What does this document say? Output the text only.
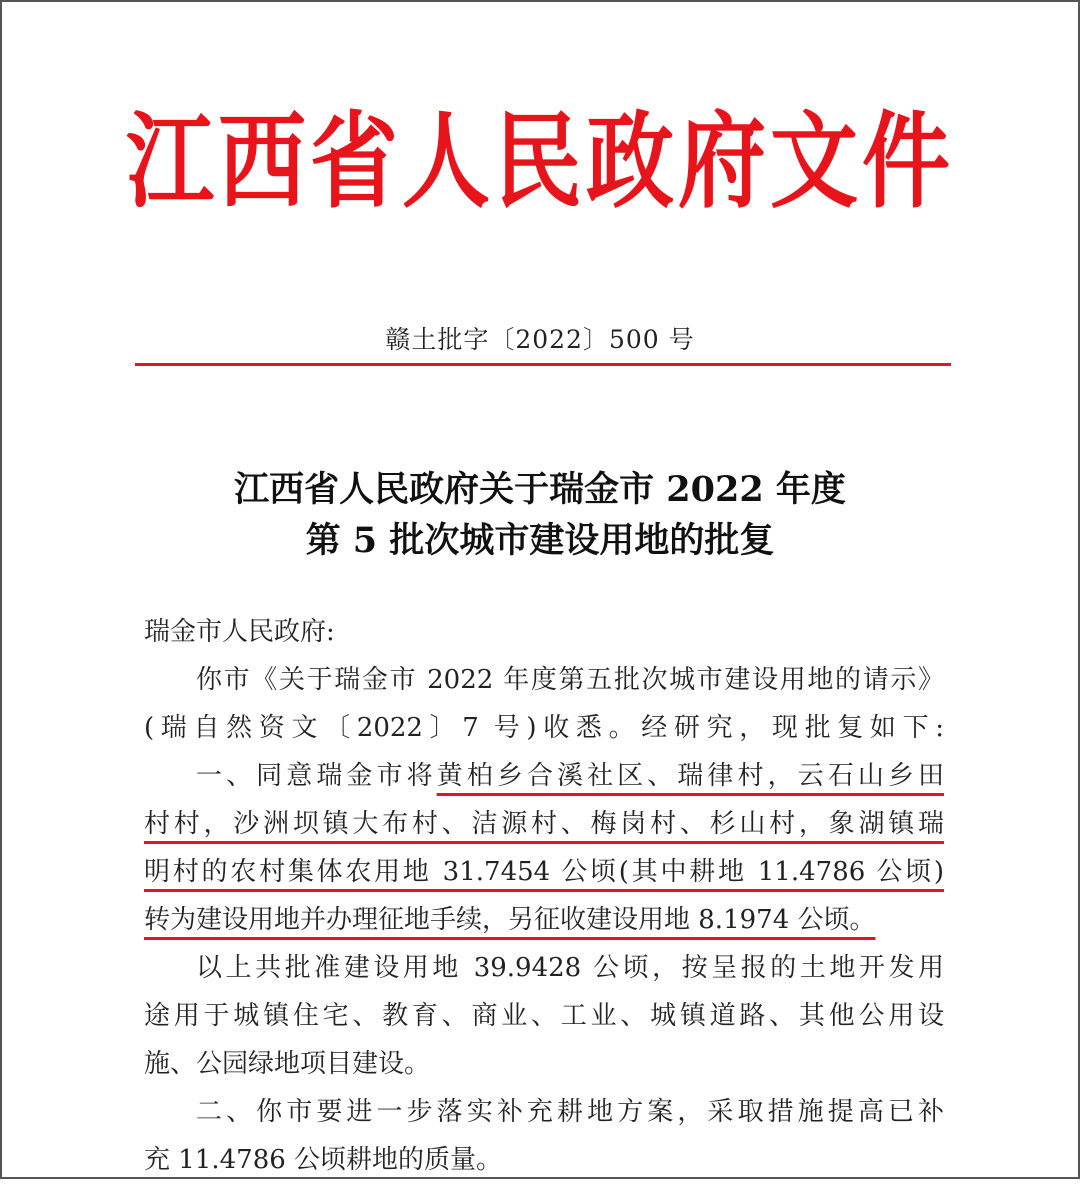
江西省人民政府文件
赣土批字〔2022〕500 号
江西省人民政府关于瑞金市 2022 年度
第 5 批次城市建设用地的批复

瑞金市人民政府:

你市《关于瑞金市 2022 年度第五批次城市建设用地的请示》

(瑞自然资文〔2022〕7 号)收悉。经研究，现批复如下:

一、同意瑞金市将黄柏乡合溪社区、瑞律村，云石山乡田

村村，沙洲坝镇大布村、洁源村、梅岗村、杉山村，象湖镇瑞

明村的农村集体农用地 31.7454 公顷(其中耕地 11.4786 公顷)

转为建设用地并办理征地手续，另征收建设用地 8.1974 公顷。

以上共批准建设用地 39.9428 公顷，按呈报的土地开发用

途用于城镇住宅、教育、商业、工业、城镇道路、其他公用设

施、公园绿地项目建设。

二、你市要进一步落实补充耕地方案，采取措施提高已补

充 11.4786 公顷耕地的质量。
